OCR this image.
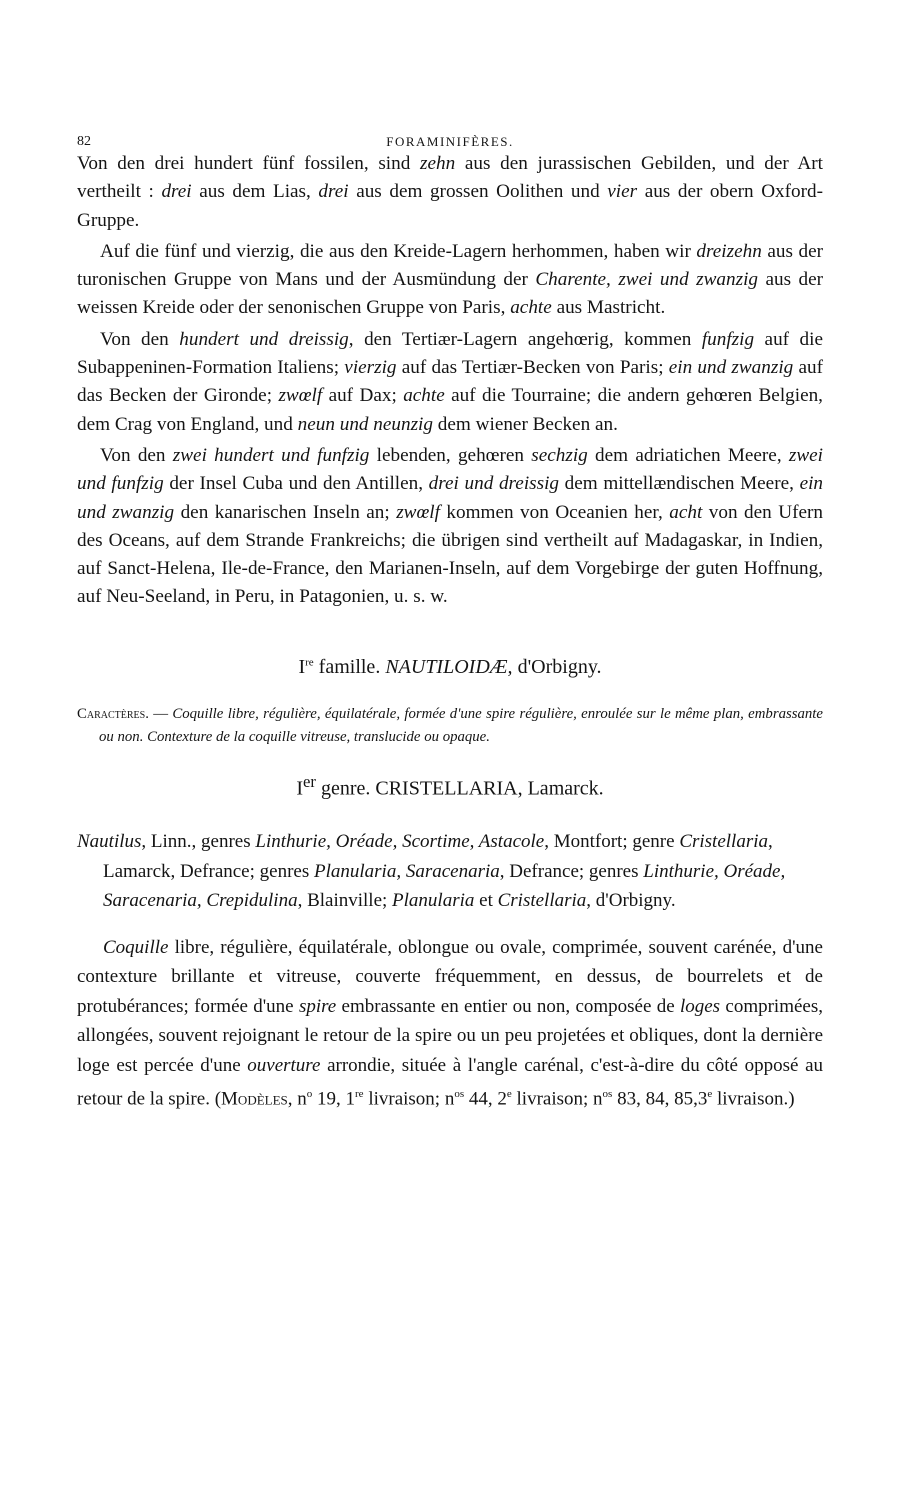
82	FORAMINIFÈRES.

Von den drei hundert fünf fossilen, sind zehn aus den jurassischen Gebilden, und der Art vertheilt : drei aus dem Lias, drei aus dem grossen Oolithen und vier aus der obern Oxford-Gruppe.

Auf die fünf und vierzig, die aus den Kreide-Lagern herhommen, haben wir dreizehn aus der turonischen Gruppe von Mans und der Ausmündung der Charente, zwei und zwanzig aus der weissen Kreide oder der senonischen Gruppe von Paris, achte aus Mastricht.

Von den hundert und dreissig, den Tertiær-Lagern angehœrig, kommen funfzig auf die Subappeninen-Formation Italiens; vierzig auf das Tertiær-Becken von Paris; ein und zwanzig auf das Becken der Gironde; zwœlf auf Dax; achte auf die Tourraine; die andern gehœren Belgien, dem Crag von England, und neun und neunzig dem wiener Becken an.

Von den zwei hundert und funfzig lebenden, gehœren sechzig dem adriatichen Meere, zwei und funfzig der Insel Cuba und den Antillen, drei und dreissig dem mittellændischen Meere, ein und zwanzig den kanarischen Inseln an; zwœlf kommen von Oceanien her, acht von den Ufern des Oceans, auf dem Strande Frankreichs; die übrigen sind vertheilt auf Madagaskar, in Indien, auf Sanct-Helena, Ile-de-France, den Marianen-Inseln, auf dem Vorgebirge der guten Hoffnung, auf Neu-Seeland, in Peru, in Patagonien, u. s. w.

Ire famille. NAUTILOIDÆ, d'Orbigny.

Caractères. — Coquille libre, régulière, équilatérale, formée d'une spire régulière, enroulée sur le même plan, embrassante ou non. Contexture de la coquille vitreuse, translucide ou opaque.

Ier genre. CRISTELLARIA, Lamarck.

Nautilus, Linn., genres Linthurie, Oréade, Scortime, Astacole, Montfort; genre Cristellaria, Lamarck, Defrance; genres Planularia, Saracenaria, Defrance; genres Linthurie, Oréade, Saracenaria, Crepidulina, Blainville; Planularia et Cristellaria, d'Orbigny.

Coquille libre, régulière, équilatérale, oblongue ou ovale, comprimée, souvent carénée, d'une contexture brillante et vitreuse, couverte fréquemment, en dessus, de bourrelets et de protubérances; formée d'une spire embrassante en entier ou non, composée de loges comprimées, allongées, souvent rejoignant le retour de la spire ou un peu projetées et obliques, dont la dernière loge est percée d'une ouverture arrondie, située à l'angle carénal, c'est-à-dire du côté opposé au retour de la spire. (Modèles, $n^o$ 19, 1re livraison; $n^{os}$ 44, 2e livraison; $n^{os}$ 83, 84, 85,3e livraison.)
